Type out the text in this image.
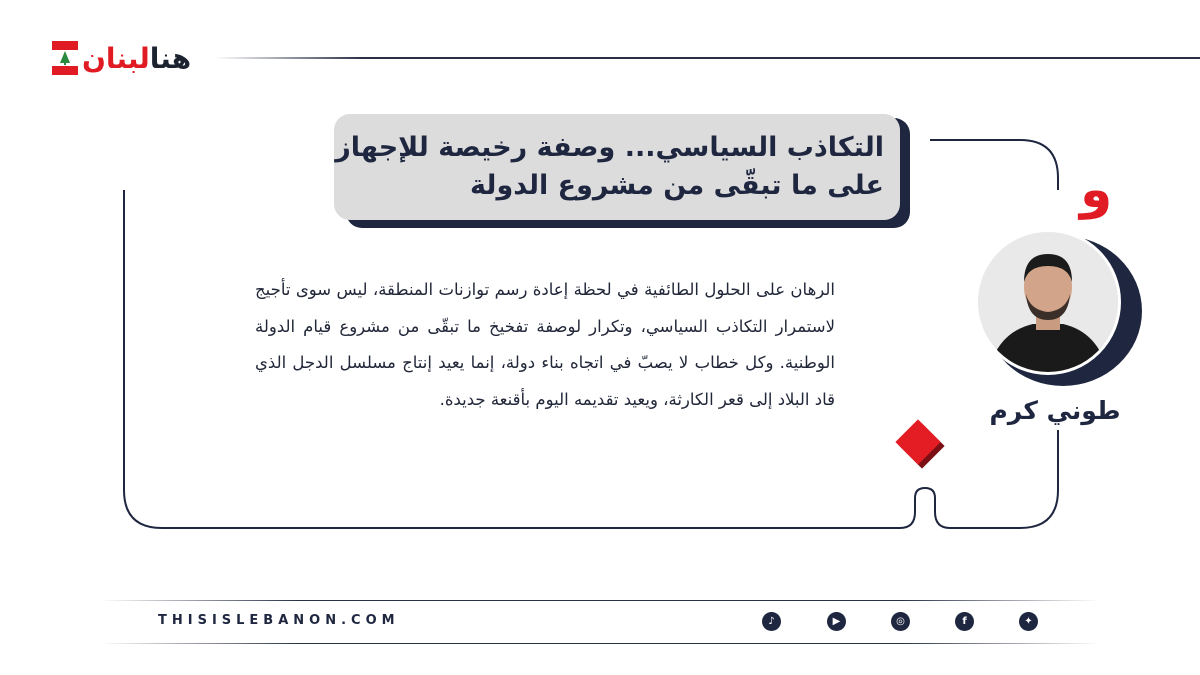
هنالبنان
التكاذب السياسي... وصفة رخيصة للإجهاز
على ما تبقّى من مشروع الدولة
الرهان على الحلول الطائفية في لحظة إعادة رسم توازنات المنطقة، ليس سوى تأجيج لاستمرار التكاذب السياسي، وتكرار لوصفة تفخيخ ما تبقّى من مشروع قيام الدولة الوطنية. وكل خطاب لا يصبّ في اتجاه بناء دولة، إنما يعيد إنتاج مسلسل الدجل الذي قاد البلاد إلى قعر الكارثة، ويعيد تقديمه اليوم بأقنعة جديدة.
و
طوني كرم
THISISLEBANON.COM	♪	▶	◎	f	✦
